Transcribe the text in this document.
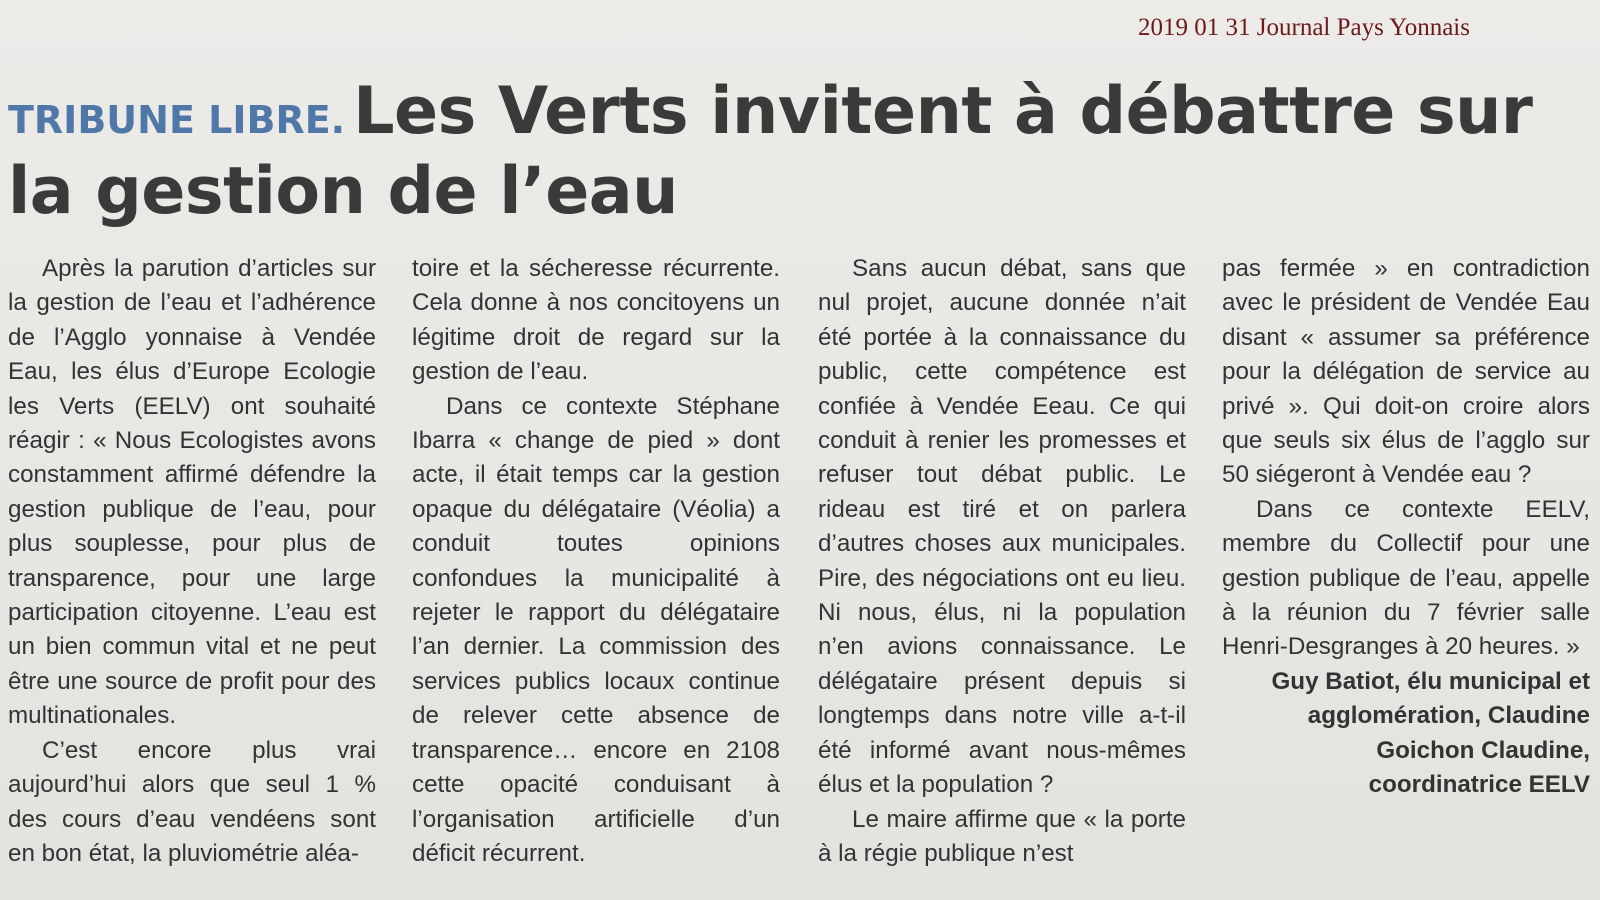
2019 01 31 Journal Pays Yonnais
TRIBUNE LIBRE. Les Verts invitent à débattre sur la gestion de l’eau

Après la parution d’articles sur la gestion de l’eau et l’adhérence de l’Agglo yonnaise à Vendée Eau, les élus d’Europe Ecologie les Verts (EELV) ont souhaité réagir : « Nous Ecologistes avons constamment affirmé défendre la gestion publique de l’eau, pour plus souplesse, pour plus de transparence, pour une large participation citoyenne. L’eau est un bien commun vital et ne peut être une source de profit pour des multinationales.

C’est encore plus vrai aujourd’hui alors que seul 1 % des cours d’eau vendéens sont en bon état, la pluviométrie aléa-

toire et la sécheresse récurrente. Cela donne à nos concitoyens un légitime droit de regard sur la gestion de l’eau.

Dans ce contexte Stéphane Ibarra « change de pied » dont acte, il était temps car la gestion opaque du délégataire (Véolia) a conduit toutes opinions confondues la municipalité à rejeter le rapport du délégataire l’an dernier. La commission des services publics locaux continue de relever cette absence de transparence… encore en 2108 cette opacité conduisant à l’organisation artificielle d’un déficit récurrent.

Sans aucun débat, sans que nul projet, aucune donnée n’ait été portée à la connaissance du public, cette compétence est confiée à Vendée Eeau. Ce qui conduit à renier les promesses et refuser tout débat public. Le rideau est tiré et on parlera d’autres choses aux municipales. Pire, des négociations ont eu lieu. Ni nous, élus, ni la population n’en avions connaissance. Le délégataire présent depuis si longtemps dans notre ville a-t-il été informé avant nous-mêmes élus et la population ?

Le maire affirme que « la porte à la régie publique n’est

pas fermée » en contradiction avec le président de Vendée Eau disant « assumer sa préférence pour la délégation de service au privé ». Qui doit-on croire alors que seuls six élus de l’agglo sur 50 siégeront à Vendée eau ?

Dans ce contexte EELV, membre du Collectif pour une gestion publique de l’eau, appelle à la réunion du 7 février salle Henri-Desgranges à 20 heures. »

Guy Batiot, élu municipal et agglomération, Claudine Goichon Claudine, coordinatrice EELV
